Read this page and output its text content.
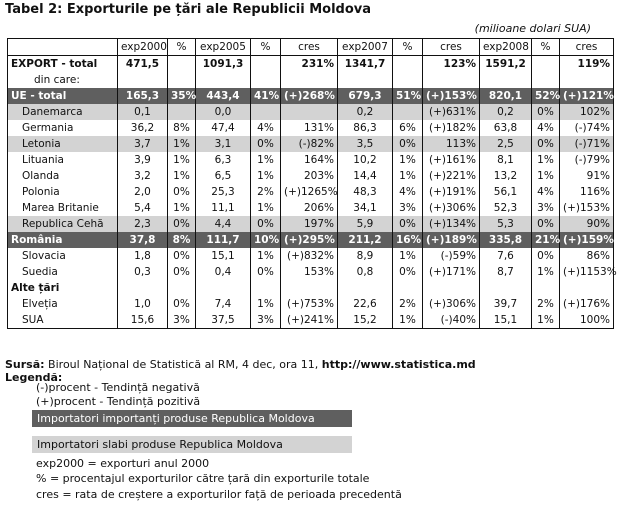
Tabel 2: Exporturile pe țări ale Republicii Moldova
(milioane dolari SUA)
	exp2000	%	exp2005	%	cres	exp2007	%	cres	exp2008	%	cres
EXPORT - total	471,5		1091,3		231%	1341,7		123%	1591,2		119%
din care:											
UE - total	165,3	35%	443,4	41%	(+)268%	679,3	51%	(+)153%	820,1	52%	(+)121%
Danemarca	0,1		0,0			0,2		(+)631%	0,2	0%	102%
Germania	36,2	8%	47,4	4%	131%	86,3	6%	(+)182%	63,8	4%	(-)74%
Letonia	3,7	1%	3,1	0%	(-)82%	3,5	0%	113%	2,5	0%	(-)71%
Lituania	3,9	1%	6,3	1%	164%	10,2	1%	(+)161%	8,1	1%	(-)79%
Olanda	3,2	1%	6,5	1%	203%	14,4	1%	(+)221%	13,2	1%	91%
Polonia	2,0	0%	25,3	2%	(+)1265%	48,3	4%	(+)191%	56,1	4%	116%
Marea Britanie	5,4	1%	11,1	1%	206%	34,1	3%	(+)306%	52,3	3%	(+)153%
Republica Cehă	2,3	0%	4,4	0%	197%	5,9	0%	(+)134%	5,3	0%	90%
România	37,8	8%	111,7	10%	(+)295%	211,2	16%	(+)189%	335,8	21%	(+)159%
Slovacia	1,8	0%	15,1	1%	(+)832%	8,9	1%	(-)59%	7,6	0%	86%
Suedia	0,3	0%	0,4	0%	153%	0,8	0%	(+)171%	8,7	1%	(+)1153%
Alte țări											
Elveția	1,0	0%	7,4	1%	(+)753%	22,6	2%	(+)306%	39,7	2%	(+)176%
SUA	15,6	3%	37,5	3%	(+)241%	15,2	1%	(-)40%	15,1	1%	100%
Sursă: Biroul Național de Statistică al RM, 4 dec, ora 11, http://www.statistica.md
Legendă:
(-)procent - Tendință negativă
(+)procent - Tendință pozitivă
Importatori importanți produse Republica Moldova
Importatori slabi produse Republica Moldova
exp2000 = exporturi anul 2000
% = procentajul exporturilor către țară din exporturile totale
cres = rata de creștere a exporturilor față de perioada precedentă
